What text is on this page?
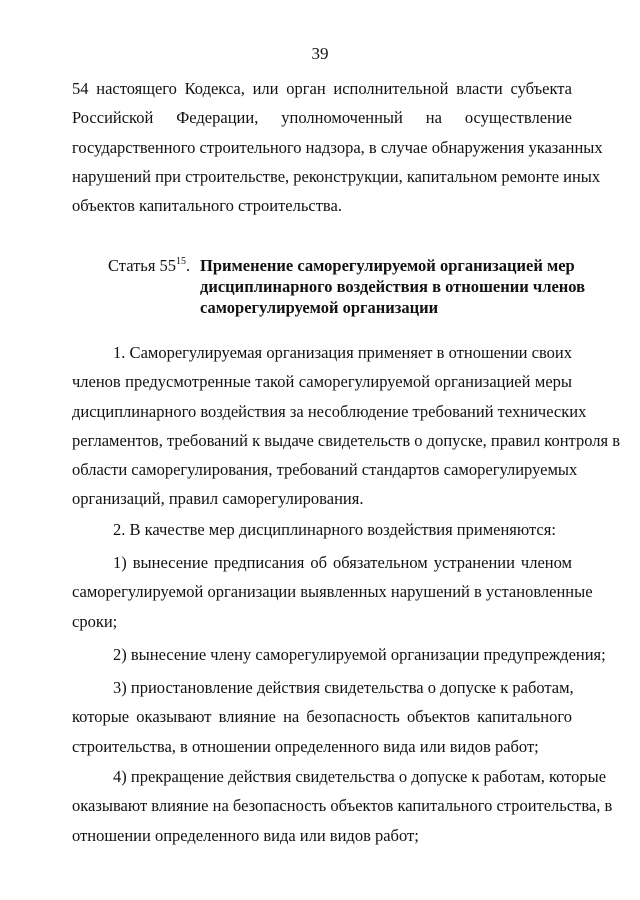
39
54 настоящего Кодекса, или орган исполнительной власти субъекта
Российской Федерации, уполномоченный на осуществление
государственного строительного надзора, в случае обнаружения указанных
нарушений при строительстве, реконструкции, капитальном ремонте иных
объектов капитального строительства.
Статья $55^{15}$. Применение саморегулируемой организацией мер
дисциплинарного воздействия в отношении членов
саморегулируемой организации
1. Саморегулируемая организация применяет в отношении своих
членов предусмотренные такой саморегулируемой организацией меры
дисциплинарного воздействия за несоблюдение требований технических
регламентов, требований к выдаче свидетельств о допуске, правил контроля в
области саморегулирования, требований стандартов саморегулируемых
организаций, правил саморегулирования.
2. В качестве мер дисциплинарного воздействия применяются:
1) вынесение предписания об обязательном устранении членом
саморегулируемой организации выявленных нарушений в установленные
сроки;
2) вынесение члену саморегулируемой организации предупреждения;
3) приостановление действия свидетельства о допуске к работам,
которые оказывают влияние на безопасность объектов капитального
строительства, в отношении определенного вида или видов работ;
4) прекращение действия свидетельства о допуске к работам, которые
оказывают влияние на безопасность объектов капитального строительства, в
отношении определенного вида или видов работ;
